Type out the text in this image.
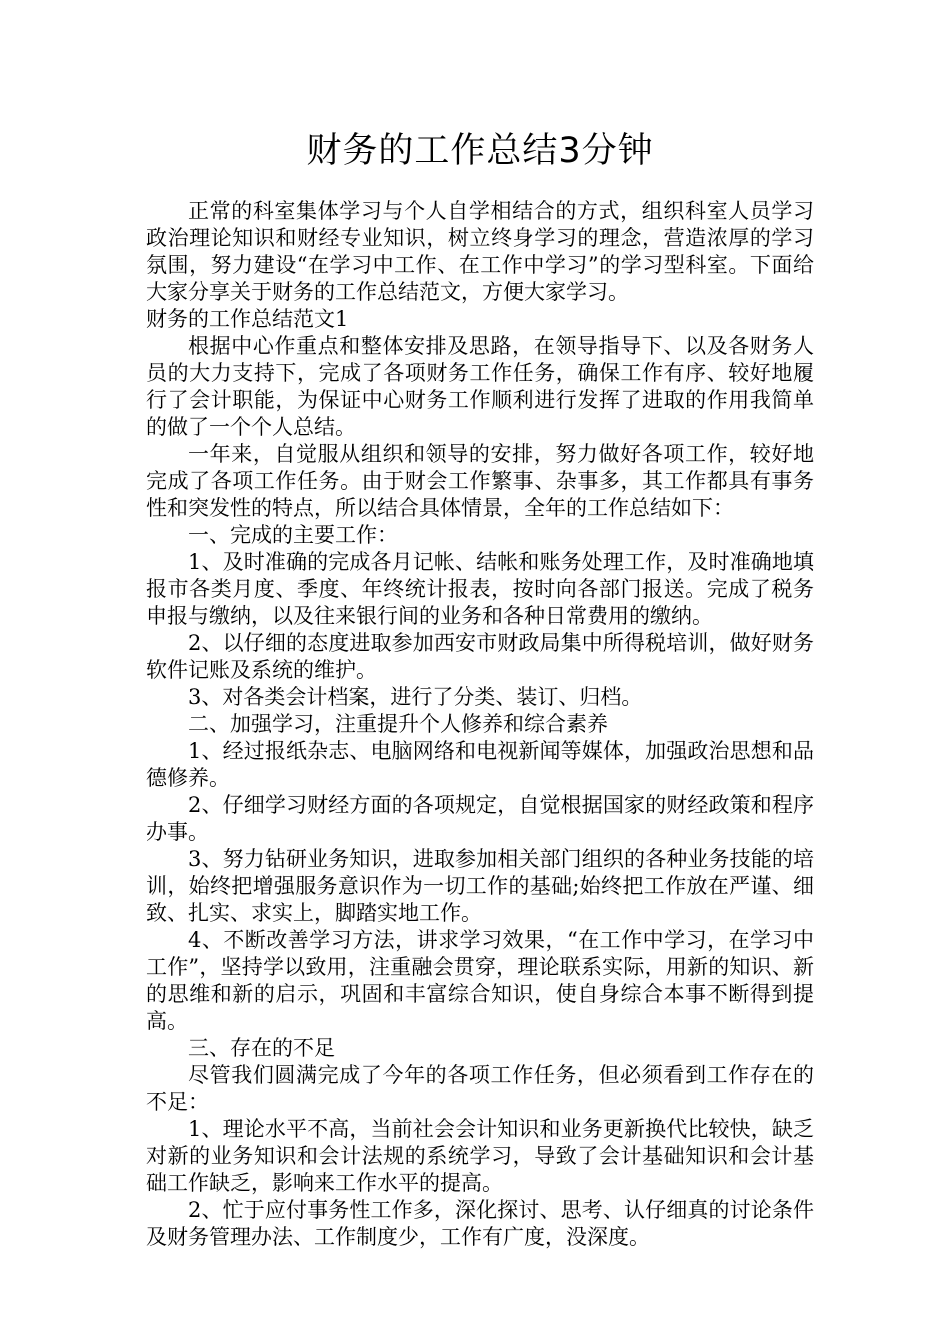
财务的工作总结3分钟

正常的科室集体学习与个人自学相结合的方式，组织科室人员学习政治理论知识和财经专业知识，树立终身学习的理念，营造浓厚的学习氛围，努力建设“在学习中工作、在工作中学习”的学习型科室。下面给大家分享关于财务的工作总结范文，方便大家学习。

财务的工作总结范文1

根据中心作重点和整体安排及思路，在领导指导下、以及各财务人员的大力支持下，完成了各项财务工作任务，确保工作有序、较好地履行了会计职能，为保证中心财务工作顺利进行发挥了进取的作用我简单的做了一个个人总结。

一年来，自觉服从组织和领导的安排，努力做好各项工作，较好地完成了各项工作任务。由于财会工作繁事、杂事多，其工作都具有事务性和突发性的特点，所以结合具体情景，全年的工作总结如下：

一、完成的主要工作：

1、及时准确的完成各月记帐、结帐和账务处理工作，及时准确地填报市各类月度、季度、年终统计报表，按时向各部门报送。完成了税务申报与缴纳，以及往来银行间的业务和各种日常费用的缴纳。

2、以仔细的态度进取参加西安市财政局集中所得税培训，做好财务软件记账及系统的维护。

3、对各类会计档案，进行了分类、装订、归档。

二、加强学习，注重提升个人修养和综合素养

1、经过报纸杂志、电脑网络和电视新闻等媒体，加强政治思想和品德修养。

2、仔细学习财经方面的各项规定，自觉根据国家的财经政策和程序办事。

3、努力钻研业务知识，进取参加相关部门组织的各种业务技能的培训，始终把增强服务意识作为一切工作的基础;始终把工作放在严谨、细致、扎实、求实上，脚踏实地工作。

4、不断改善学习方法，讲求学习效果，“在工作中学习，在学习中工作”，坚持学以致用，注重融会贯穿，理论联系实际，用新的知识、新的思维和新的启示，巩固和丰富综合知识，使自身综合本事不断得到提高。

三、存在的不足

尽管我们圆满完成了今年的各项工作任务，但必须看到工作存在的不足：

1、理论水平不高，当前社会会计知识和业务更新换代比较快，缺乏对新的业务知识和会计法规的系统学习，导致了会计基础知识和会计基础工作缺乏，影响来工作水平的提高。

2、忙于应付事务性工作多，深化探讨、思考、认仔细真的讨论条件及财务管理办法、工作制度少，工作有广度，没深度。
